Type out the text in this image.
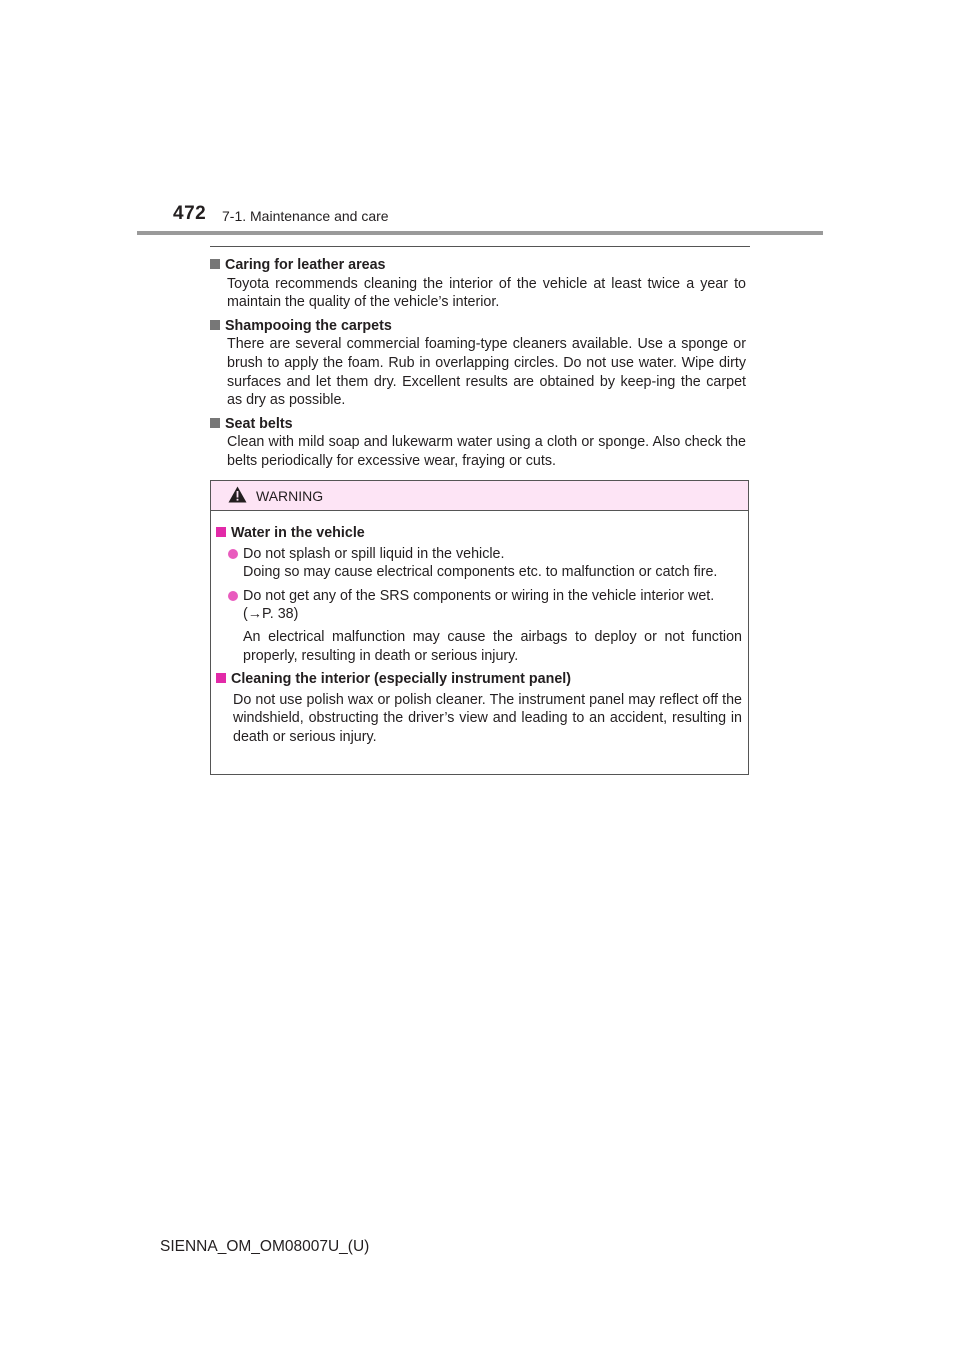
472 7-1. Maintenance and care
Caring for leather areas
Toyota recommends cleaning the interior of the vehicle at least twice a year to maintain the quality of the vehicle’s interior.
Shampooing the carpets
There are several commercial foaming-type cleaners available. Use a sponge or brush to apply the foam. Rub in overlapping circles. Do not use water. Wipe dirty surfaces and let them dry. Excellent results are obtained by keep-ing the carpet as dry as possible.
Seat belts
Clean with mild soap and lukewarm water using a cloth or sponge. Also check the belts periodically for excessive wear, fraying or cuts.
WARNING
Water in the vehicle

Do not splash or spill liquid in the vehicle.

Doing so may cause electrical components etc. to malfunction or catch fire.

Do not get any of the SRS components or wiring in the vehicle interior wet.

(→P. 38)

An electrical malfunction may cause the airbags to deploy or not function properly, resulting in death or serious injury.

Cleaning the interior (especially instrument panel)
Do not use polish wax or polish cleaner. The instrument panel may reflect off the windshield, obstructing the driver’s view and leading to an accident, resulting in death or serious injury.
SIENNA_OM_OM08007U_(U)
